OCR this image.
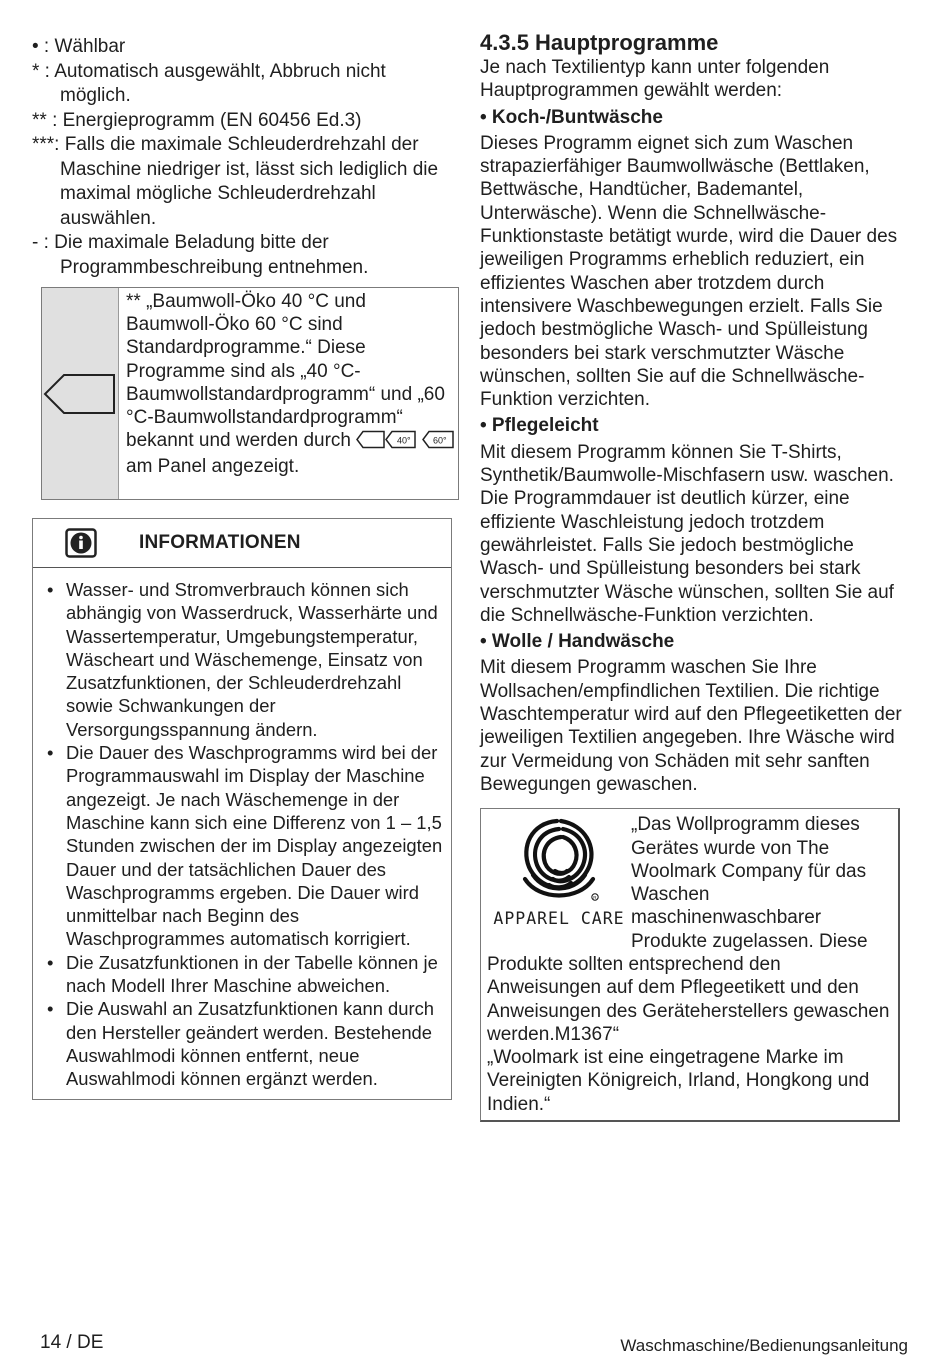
• : Wählbar
* : Automatisch ausgewählt, Abbruch nicht möglich.
** : Energieprogramm (EN 60456 Ed.3)
***: Falls die maximale Schleuderdrehzahl der Maschine niedriger ist, lässt sich lediglich die maximal mögliche Schleuderdrehzahl auswählen.
- : Die maximale Beladung bitte der Programmbeschreibung entnehmen.
** „Baumwoll-Öko 40 °C und Baumwoll-Öko 60 °C sind Standardprogramme.“ Diese Programme sind als „40 °C-Baumwollstandardprogramm“ und „60 °C-Baumwollstandardprogramm“ bekannt und werden durch	40°
60°
am Panel angezeigt.
INFORMATIONEN
• Wasser- und Stromverbrauch können sich abhängig von Wasserdruck, Wasserhärte und Wassertemperatur, Umgebungstemperatur, Wäscheart und Wäschemenge, Einsatz von Zusatzfunktionen, der Schleuderdrehzahl sowie Schwankungen der Versorgungsspannung ändern.
• Die Dauer des Waschprogramms wird bei der Programmauswahl im Display der Maschine angezeigt. Je nach Wäschemenge in der Maschine kann sich eine Differenz von 1 – 1,5 Stunden zwischen der im Display angezeigten Dauer und der tatsächlichen Dauer des Waschprogramms ergeben. Die Dauer wird unmittelbar nach Beginn des Waschprogrammes automatisch korrigiert.
• Die Zusatzfunktionen in der Tabelle können je nach Modell Ihrer Maschine abweichen.
• Die Auswahl an Zusatzfunktionen kann durch den Hersteller geändert werden. Bestehende Auswahlmodi können entfernt, neue Auswahlmodi können ergänzt werden.
4.3.5 Hauptprogramme

Je nach Textilientyp kann unter folgenden Hauptprogrammen gewählt werden:

• Koch-/Buntwäsche

Dieses Programm eignet sich zum Waschen strapazierfähiger Baumwollwäsche (Bettlaken, Bettwäsche, Handtücher, Bademantel, Unterwäsche). Wenn die Schnellwäsche-Funktionstaste betätigt wurde, wird die Dauer des jeweiligen Programms erheblich reduziert, ein effizientes Waschen aber trotzdem durch intensivere Waschbewegungen erzielt. Falls Sie jedoch bestmögliche Wasch- und Spülleistung besonders bei stark verschmutzter Wäsche wünschen, sollten Sie auf die Schnellwäsche-Funktion verzichten.

• Pflegeleicht

Mit diesem Programm können Sie T-Shirts, Synthetik/Baumwolle-Mischfasern usw. waschen. Die Programmdauer ist deutlich kürzer, eine effiziente Waschleistung jedoch trotzdem gewährleistet. Falls Sie jedoch bestmögliche Wasch- und Spülleistung besonders bei stark verschmutzter Wäsche wünschen, sollten Sie auf die Schnellwäsche-Funktion verzichten.

• Wolle / Handwäsche

Mit diesem Programm waschen Sie Ihre Wollsachen/empfindlichen Textilien. Die richtige Waschtemperatur wird auf den Pflegeetiketten der jeweiligen Textilien angegeben. Ihre Wäsche wird zur Vermeidung von Schäden mit sehr sanften Bewegungen gewaschen.

R
APPAREL CARE
„Das Wollprogramm dieses Gerätes wurde von The Woolmark Company für das Waschen maschinenwaschbarer Produkte zugelassen. Diese
Produkte sollten entsprechend den Anweisungen auf dem Pflegeetikett und den Anweisungen des Geräteherstellers gewaschen werden.M1367“
„Woolmark ist eine eingetragene Marke im Vereinigten Königreich, Irland, Hongkong und Indien.“
14 / DE	Waschmaschine/Bedienungsanleitung
